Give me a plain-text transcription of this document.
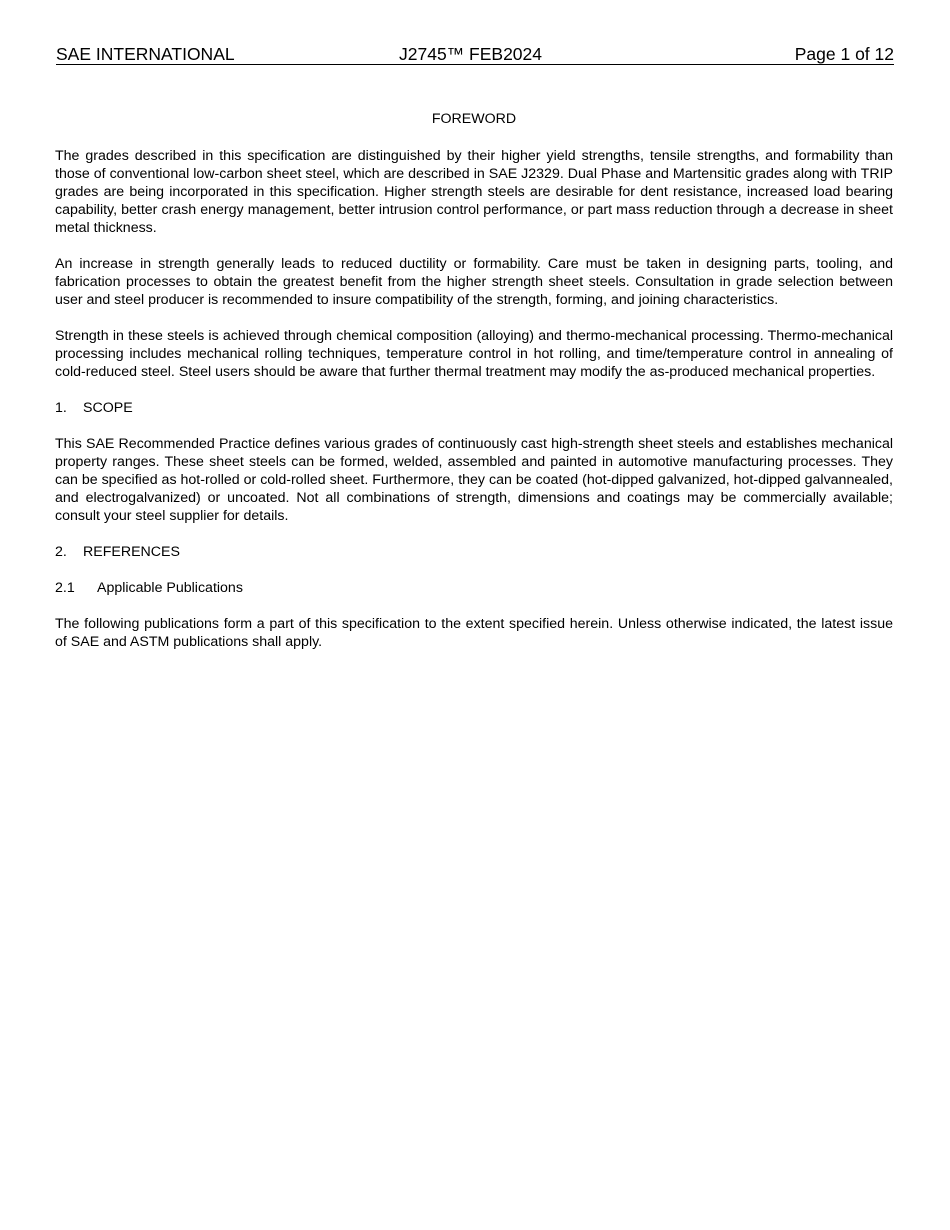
SAE INTERNATIONAL	J2745™ FEB2024	Page 1 of 12
FOREWORD

The grades described in this specification are distinguished by their higher yield strengths, tensile strengths, and formability than those of conventional low-carbon sheet steel, which are described in SAE J2329. Dual Phase and Martensitic grades along with TRIP grades are being incorporated in this specification. Higher strength steels are desirable for dent resistance, increased load bearing capability, better crash energy management, better intrusion control performance, or part mass reduction through a decrease in sheet metal thickness.

An increase in strength generally leads to reduced ductility or formability. Care must be taken in designing parts, tooling, and fabrication processes to obtain the greatest benefit from the higher strength sheet steels. Consultation in grade selection between user and steel producer is recommended to insure compatibility of the strength, forming, and joining characteristics.

Strength in these steels is achieved through chemical composition (alloying) and thermo-mechanical processing. Thermo-mechanical processing includes mechanical rolling techniques, temperature control in hot rolling, and time/temperature control in annealing of cold-reduced steel. Steel users should be aware that further thermal treatment may modify the as-produced mechanical properties.

1. SCOPE

This SAE Recommended Practice defines various grades of continuously cast high-strength sheet steels and establishes mechanical property ranges. These sheet steels can be formed, welded, assembled and painted in automotive manufacturing processes. They can be specified as hot-rolled or cold-rolled sheet. Furthermore, they can be coated (hot-dipped galvanized, hot-dipped galvannealed, and electrogalvanized) or uncoated. Not all combinations of strength, dimensions and coatings may be commercially available; consult your steel supplier for details.

2. REFERENCES
2.1 Applicable Publications

The following publications form a part of this specification to the extent specified herein. Unless otherwise indicated, the latest issue of SAE and ASTM publications shall apply.
